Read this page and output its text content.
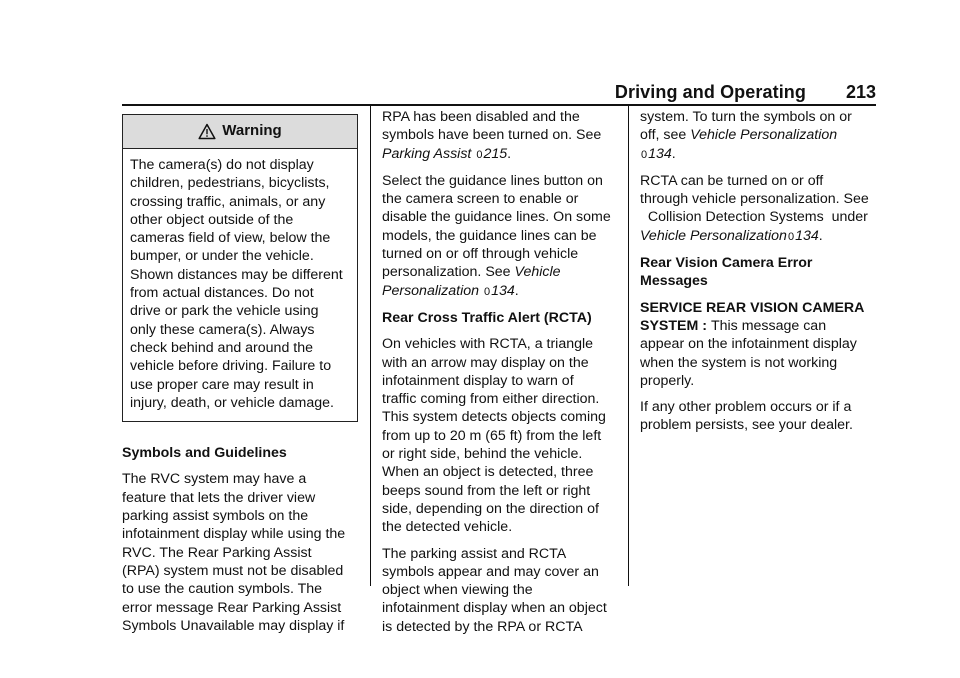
Driving and Operating 213
Warning
The camera(s) do not display
children, pedestrians, bicyclists,
crossing traffic, animals, or any
other object outside of the
cameras field of view, below the
bumper, or under the vehicle.
Shown distances may be different
from actual distances. Do not
drive or park the vehicle using
only these camera(s). Always
check behind and around the
vehicle before driving. Failure to
use proper care may result in
injury, death, or vehicle damage.

Symbols and Guidelines

The RVC system may have a
feature that lets the driver view
parking assist symbols on the
infotainment display while using the
RVC. The Rear Parking Assist
(RPA) system must not be disabled
to use the caution symbols. The
error message Rear Parking Assist
Symbols Unavailable may display if

RPA has been disabled and the
symbols have been turned on. See
Parking Assist 0215.

Select the guidance lines button on
the camera screen to enable or
disable the guidance lines. On some
models, the guidance lines can be
turned on or off through vehicle
personalization. See Vehicle
Personalization 0134.

Rear Cross Traffic Alert (RCTA)

On vehicles with RCTA, a triangle
with an arrow may display on the
infotainment display to warn of
traffic coming from either direction.
This system detects objects coming
from up to 20 m (65 ft) from the left
or right side, behind the vehicle.
When an object is detected, three
beeps sound from the left or right
side, depending on the direction of
the detected vehicle.

The parking assist and RCTA
symbols appear and may cover an
object when viewing the
infotainment display when an object
is detected by the RPA or RCTA

system. To turn the symbols on or
off, see Vehicle Personalization
0134.

RCTA can be turned on or off
through vehicle personalization. See
Collision Detection Systems  under
Vehicle Personalization0134.

Rear Vision Camera Error
Messages

SERVICE REAR VISION CAMERA
SYSTEM : This message can
appear on the infotainment display
when the system is not working
properly.

If any other problem occurs or if a
problem persists, see your dealer.
